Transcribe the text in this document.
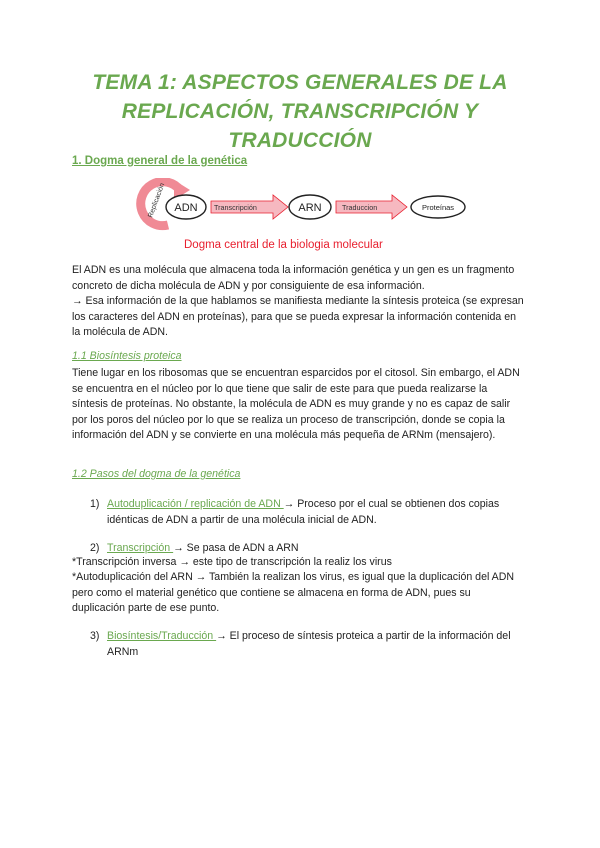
TEMA 1: ASPECTOS GENERALES DE LA REPLICACIÓN, TRANSCRIPCIÓN Y TRADUCCIÓN
1. Dogma general de la genética
Replicación ADN Transcripción	ARN	Traduccion	Proteínas
Dogma central de la biologia molecular
El ADN es una molécula que almacena toda la información genética y un gen es un fragmento concreto de dicha molécula de ADN y por consiguiente de esa información.
→ Esa información de la que hablamos se manifiesta mediante la síntesis proteica (se expresan los caracteres del ADN en proteínas), para que se pueda expresar la información contenida en la molécula de ADN.
1.1 Biosíntesis proteica
Tiene lugar en los ribosomas que se encuentran esparcidos por el citosol. Sin embargo, el ADN se encuentra en el núcleo por lo que tiene que salir de este para que pueda realizarse la síntesis de proteínas. No obstante, la molécula de ADN es muy grande y no es capaz de salir por los poros del núcleo por lo que se realiza un proceso de transcripción, donde se copia la información del ADN y se convierte en una molécula más pequeña de ARNm (mensajero).
1.2 Pasos del dogma de la genética
1) Autoduplicación / replicación de ADN → Proceso por el cual se obtienen dos copias idénticas de ADN a partir de una molécula inicial de ADN.
2) Transcripción → Se pasa de ADN a ARN
*Transcripción inversa → este tipo de transcripción la realiz los virus
*Autoduplicación del ARN → También la realizan los virus, es igual que la duplicación del ADN pero como el material genético que contiene se almacena en forma de ADN, pues su duplicación parte de ese punto.
3) Biosíntesis/Traducción → El proceso de síntesis proteica a partir de la información del ARNm
